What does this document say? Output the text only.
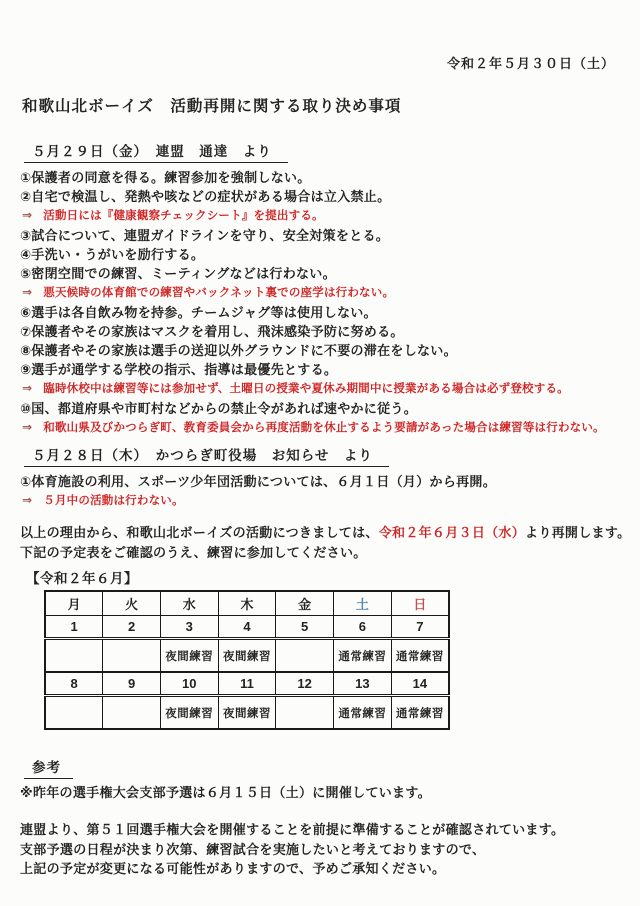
令和２年５月３０日（土）
和歌山北ボーイズ　活動再開に関する取り決め事項
５月２９日（金）　連盟　通達　より
①保護者の同意を得る。練習参加を強制しない。
②自宅で検温し、発熱や咳などの症状がある場合は立入禁止。
⇒ 活動日には『健康観察チェックシート』を提出する。
③試合について、連盟ガイドラインを守り、安全対策をとる。
④手洗い・うがいを励行する。
⑤密閉空間での練習、ミーティングなどは行わない。
⇒ 悪天候時の体育館での練習やバックネット裏での座学は行わない。
⑥選手は各自飲み物を持参。チームジャグ等は使用しない。
⑦保護者やその家族はマスクを着用し、飛沫感染予防に努める。
⑧保護者やその家族は選手の送迎以外グラウンドに不要の滞在をしない。
⑨選手が通学する学校の指示、指導は最優先とする。
⇒ 臨時休校中は練習等には参加せず、土曜日の授業や夏休み期間中に授業がある場合は必ず登校する。
⑩国、都道府県や市町村などからの禁止令があれば速やかに従う。
⇒ 和歌山県及びかつらぎ町、教育委員会から再度活動を休止するよう要請があった場合は練習等は行わない。
５月２８日（木）　かつらぎ町役場　お知らせ　より
①体育施設の利用、スポーツ少年団活動については、６月１日（月）から再開。
⇒ ５月中の活動は行わない。
以上の理由から、和歌山北ボーイズの活動につきましては、令和２年６月３日（水）より再開します。
下記の予定表をご確認のうえ、練習に参加してください。
【令和２年６月】
月	火	水	木	金	土	日
1	2	3	4	5	6	7
		夜間練習	夜間練習		通常練習	通常練習
8	9	10	11	12	13	14
		夜間練習	夜間練習		通常練習	通常練習
参考
※昨年の選手権大会支部予選は６月１５日（土）に開催しています。
連盟より、第５１回選手権大会を開催することを前提に準備することが確認されています。
支部予選の日程が決まり次第、練習試合を実施したいと考えておりますので、
上記の予定が変更になる可能性がありますので、予めご承知ください。
